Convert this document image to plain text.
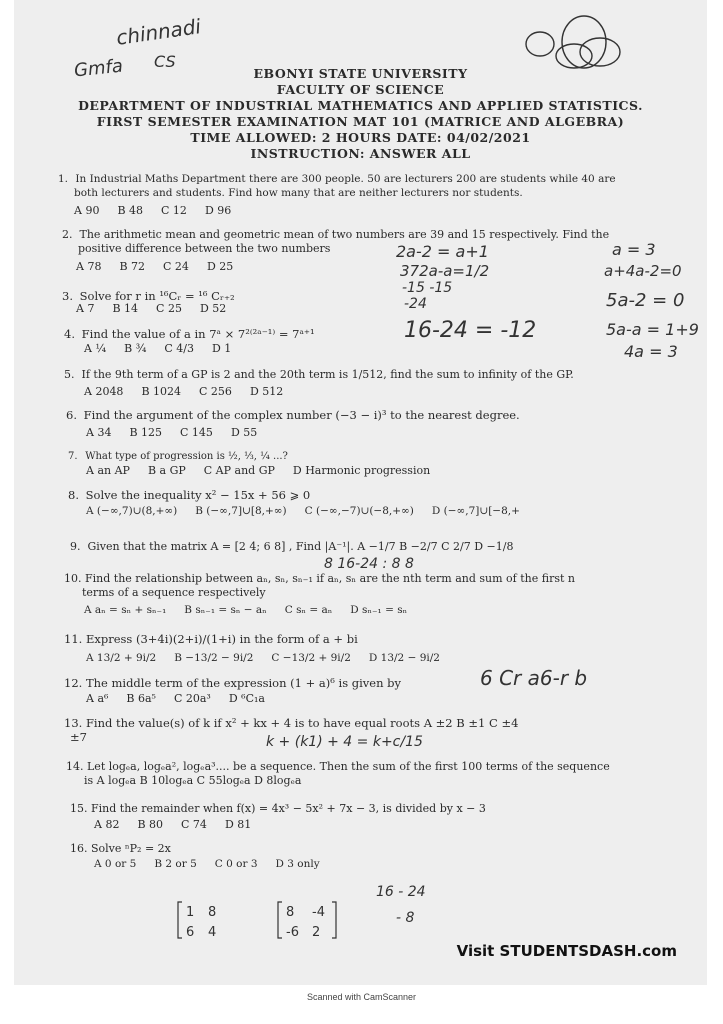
chinnadi
Gmfa CS
EBONYI STATE UNIVERSITY
FACULTY OF SCIENCE
DEPARTMENT OF INDUSTRIAL MATHEMATICS AND APPLIED STATISTICS.
FIRST SEMESTER EXAMINATION MAT 101 (MATRICE AND ALGEBRA)
TIME ALLOWED: 2 HOURS DATE: 04/02/2021
INSTRUCTION: ANSWER ALL
1. In Industrial Maths Department there are 300 people. 50 are lecturers 200 are students while 40 are
both lecturers and students. Find how many that are neither lecturers nor students.
A 90 B 48 C 12 D 96
2. The arithmetic mean and geometric mean of two numbers are 39 and 15 respectively. Find the
positive difference between the two numbers
A 78 B 72 C 24 D 25
2a-2 = a+1
372a-a=1/2
-15 -15
-24
a = 3
a+4a-2=0
5a-2 = 0
5a-a = 1+9
4a = 3
3. Solve for r in ¹⁶Cᵣ = ¹⁶ Cᵣ₊₂
A 7 B 14 C 25 D 52
4. Find the value of a in 7ᵃ × 7²⁽²ᵃ⁻¹⁾ = 7ᵃ⁺¹
A ¼ B ¾ C 4/3 D 1
16-24 = -12
5. If the 9th term of a GP is 2 and the 20th term is 1/512, find the sum to infinity of the GP.
A 2048 B 1024 C 256 D 512
6. Find the argument of the complex number (−3 − i)³ to the nearest degree.
A 34 B 125 C 145 D 55
7. What type of progression is ½, ⅓, ¼ ...?
A an AP B a GP C AP and GP D Harmonic progression
8. Solve the inequality x² − 15x + 56 ⩾ 0
A (−∞,7)∪(8,+∞) B (−∞,7]∪[8,+∞) C (−∞,−7)∪(−8,+∞) D (−∞,7]∪[−8,+
9. Given that the matrix A = [2 4; 6 8] , Find |A⁻¹|. A −1/7 B −2/7 C 2/7 D −1/8
8 16-24 : 8 8
10. Find the relationship between aₙ, sₙ, sₙ₋₁ if aₙ, sₙ are the nth term and sum of the first n
terms of a sequence respectively
A aₙ = sₙ + sₙ₋₁ B sₙ₋₁ = sₙ − aₙ C sₙ = aₙ D sₙ₋₁ = sₙ
11. Express (3+4i)(2+i)/(1+i) in the form of a + bi
A 13/2 + 9i/2 B −13/2 − 9i/2 C −13/2 + 9i/2 D 13/2 − 9i/2
12. The middle term of the expression (1 + a)⁶ is given by
A a⁶ B 6a⁵ C 20a³ D ⁶C₁a
6 Cr a6-r b
13. Find the value(s) of k if x² + kx + 4 is to have equal roots A ±2 B ±1 C ±4
±7	k + (k1) + 4 = k+c/15
14. Let logₑa, logₑa², logₑa³.... be a sequence. Then the sum of the first 100 terms of the sequence
is A logₑa B 10logₑa C 55logₑa D 8logₑa
15. Find the remainder when f(x) = 4x³ − 5x² + 7x − 3, is divided by x − 3
A 82 B 80 C 74 D 81
16. Solve ⁿP₂ = 2x
A 0 or 5 B 2 or 5 C 0 or 3 D 3 only
16 - 24
- 8
1 8
6 4
8 -4
-6 2
Visit STUDENTSDASH.com
Scanned with CamScanner
